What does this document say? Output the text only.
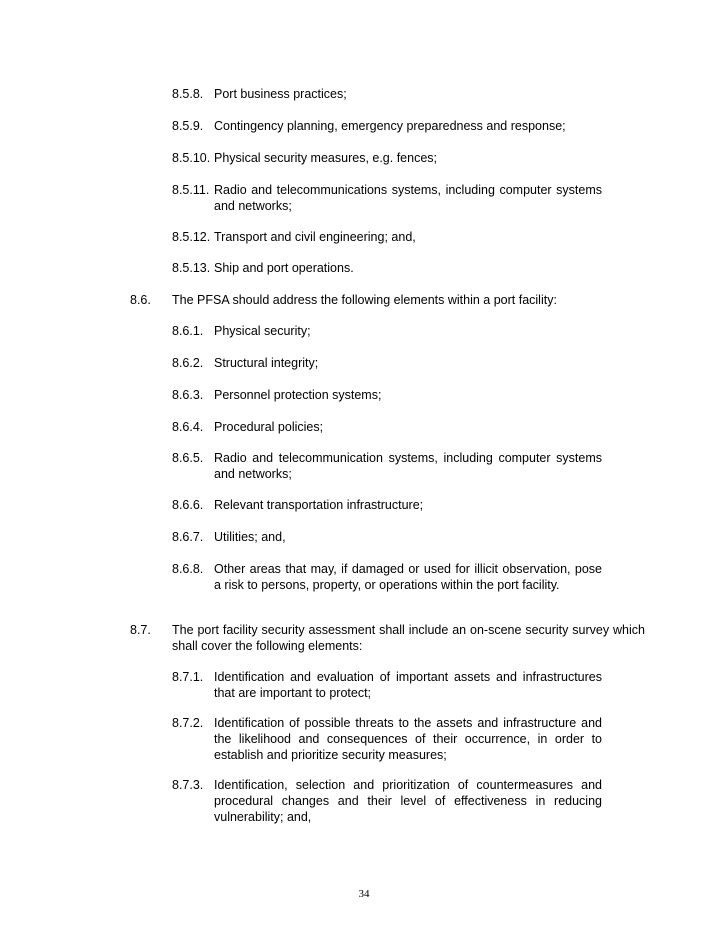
8.5.8. Port business practices;
8.5.9. Contingency planning, emergency preparedness and response;
8.5.10. Physical security measures, e.g. fences;
8.5.11. Radio and telecommunications systems, including computer systems and networks;
8.5.12. Transport and civil engineering; and,
8.5.13. Ship and port operations.
8.6.	The PFSA should address the following elements within a port facility:
8.6.1. Physical security;
8.6.2. Structural integrity;
8.6.3. Personnel protection systems;
8.6.4. Procedural policies;
8.6.5. Radio and telecommunication systems, including computer systems and networks;
8.6.6. Relevant transportation infrastructure;
8.6.7. Utilities; and,
8.6.8. Other areas that may, if damaged or used for illicit observation, pose a risk to persons, property, or operations within the port facility.
8.7.	The port facility security assessment shall include an on-scene security survey which shall cover the following elements:
8.7.1. Identification and evaluation of important assets and infrastructures that are important to protect;
8.7.2. Identification of possible threats to the assets and infrastructure and the likelihood and consequences of their occurrence, in order to establish and prioritize security measures;
8.7.3. Identification, selection and prioritization of countermeasures and procedural changes and their level of effectiveness in reducing vulnerability; and,
34
